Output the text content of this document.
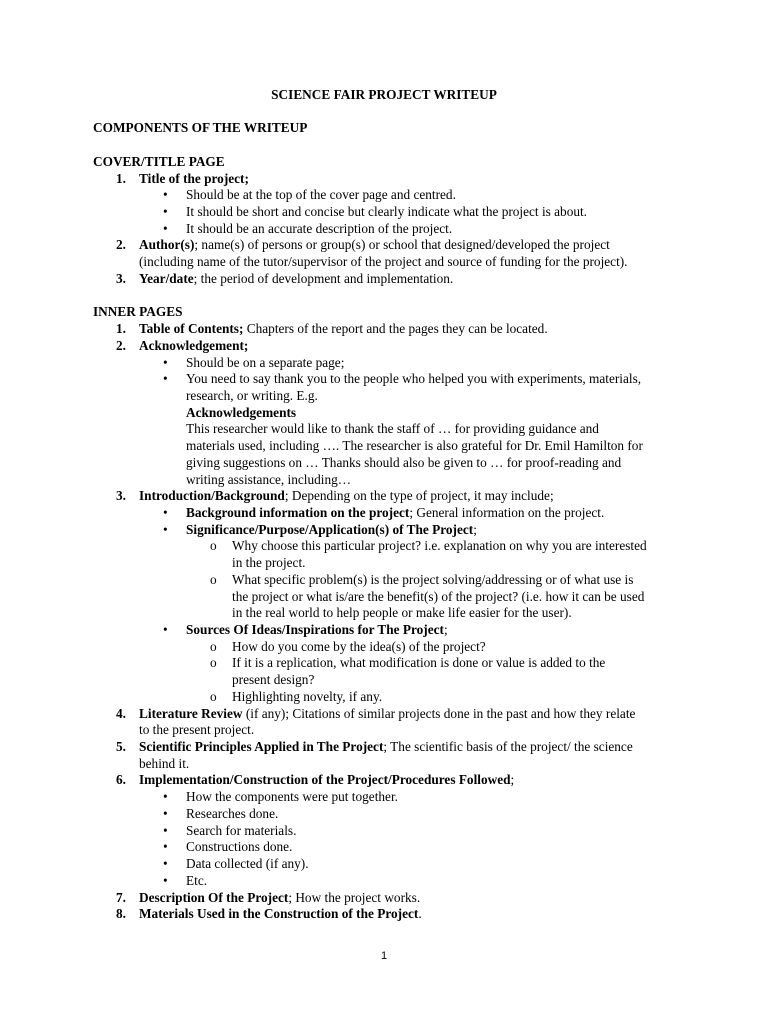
SCIENCE FAIR PROJECT WRITEUP
COMPONENTS OF THE WRITEUP
COVER/TITLE PAGE
1. Title of the project;
• Should be at the top of the cover page and centred.
• It should be short and concise but clearly indicate what the project is about.
• It should be an accurate description of the project.
2. Author(s); name(s) of persons or group(s) or school that designed/developed the project
(including name of the tutor/supervisor of the project and source of funding for the project).
3. Year/date; the period of development and implementation.
INNER PAGES
1. Table of Contents; Chapters of the report and the pages they can be located.
2. Acknowledgement;
• Should be on a separate page;
• You need to say thank you to the people who helped you with experiments, materials,
research, or writing. E.g.
Acknowledgements
This researcher would like to thank the staff of … for providing guidance and
materials used, including …. The researcher is also grateful for Dr. Emil Hamilton for
giving suggestions on … Thanks should also be given to … for proof-reading and
writing assistance, including…
3. Introduction/Background; Depending on the type of project, it may include;
• Background information on the project; General information on the project.
• Significance/Purpose/Application(s) of The Project;
o Why choose this particular project? i.e. explanation on why you are interested
in the project.
o What specific problem(s) is the project solving/addressing or of what use is
the project or what is/are the benefit(s) of the project? (i.e. how it can be used
in the real world to help people or make life easier for the user).
• Sources Of Ideas/Inspirations for The Project;
o How do you come by the idea(s) of the project?
o If it is a replication, what modification is done or value is added to the
present design?
o Highlighting novelty, if any.
4. Literature Review (if any); Citations of similar projects done in the past and how they relate
to the present project.
5. Scientific Principles Applied in The Project; The scientific basis of the project/ the science
behind it.
6. Implementation/Construction of the Project/Procedures Followed;
• How the components were put together.
• Researches done.
• Search for materials.
• Constructions done.
• Data collected (if any).
• Etc.
7. Description Of the Project; How the project works.
8. Materials Used in the Construction of the Project.
1
